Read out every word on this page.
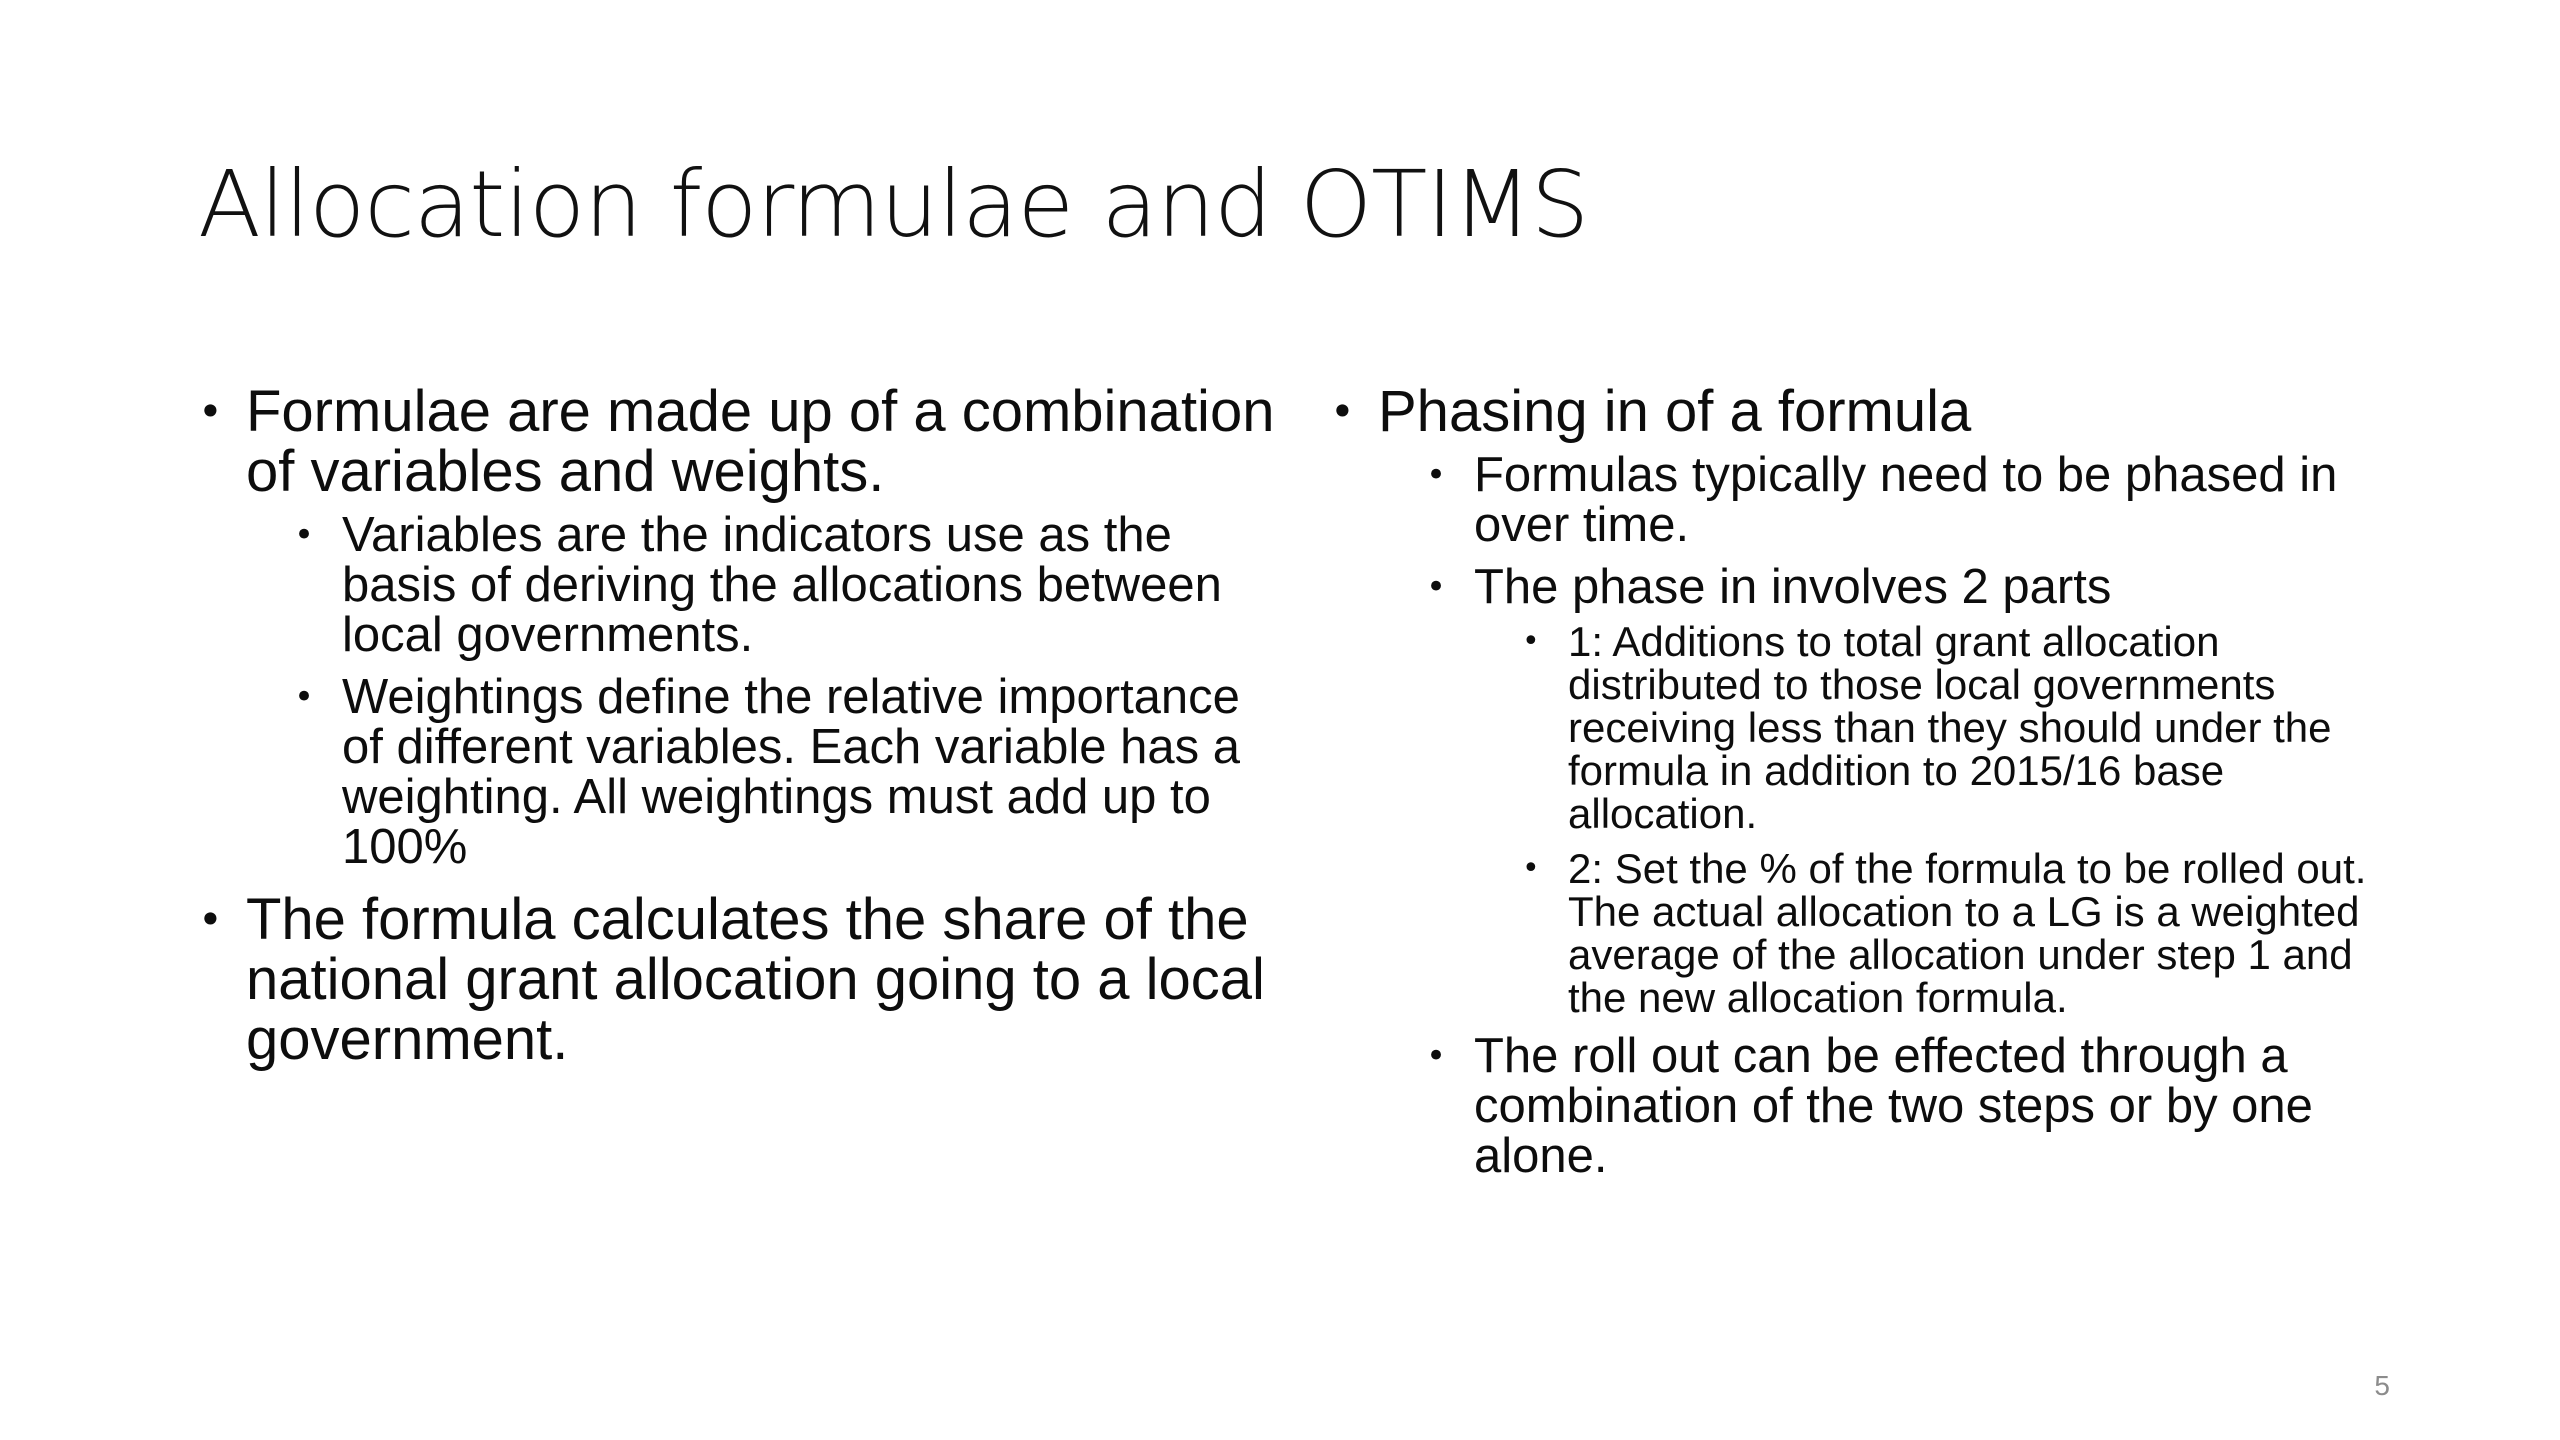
Allocation formulae and OTIMS
• Formulae are made up of a combination of variables and weights.
• Variables are the indicators use as the basis of deriving the allocations between local governments.
• Weightings define the relative importance of different variables. Each variable has a weighting. All weightings must add up to 100%
• The formula calculates the share of the national grant allocation going to a local government.
• Phasing in of a formula
• Formulas typically need to be phased in over time.
• The phase in involves 2 parts
• 1: Additions to total grant allocation distributed to those local governments receiving less than they should under the formula in addition to 2015/16 base allocation.
• 2: Set the % of the formula to be rolled out. The actual allocation to a LG is a weighted average of the allocation under step 1 and the new allocation formula.
• The roll out can be effected through a combination of the two steps or by one alone.
5
